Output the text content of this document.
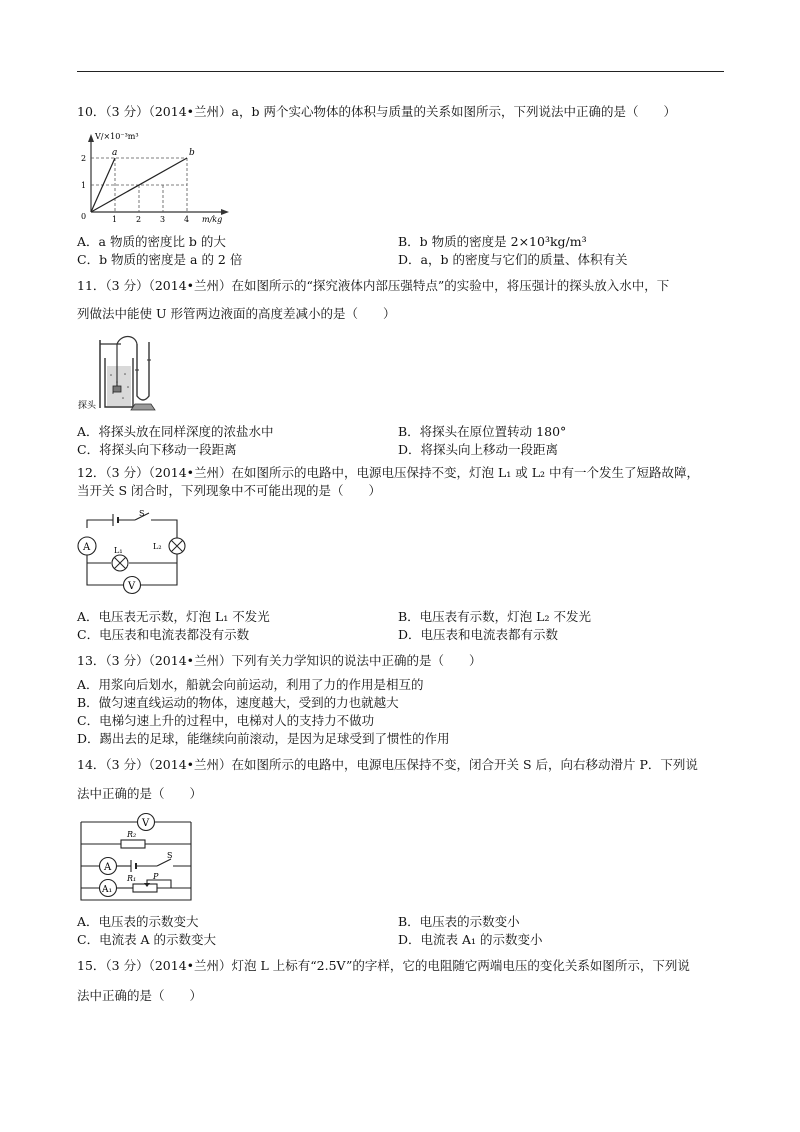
10．（3 分）（2014•兰州）a，b 两个实心物体的体积与质量的关系如图所示，下列说法中正确的是（　　）
V/×10⁻³m³
a	b
2
1
0	1 2 3 4 m/kg
A．a 物质的密度比 b 的大	B．b 物质的密度是 2×10³kg/m³
C．b 物质的密度是 a 的 2 倍	D．a，b 的密度与它们的质量、体积有关
11．（3 分）（2014•兰州）在如图所示的“探究液体内部压强特点”的实验中，将压强计的探头放入水中，下
列做法中能使 U 形管两边液面的高度差减小的是（　　）
探头
A．将探头放在同样深度的浓盐水中	B．将探头在原位置转动 180°
C．将探头向下移动一段距离	D．将探头向上移动一段距离
12．（3 分）（2014•兰州）在如图所示的电路中，电源电压保持不变，灯泡 L₁ 或 L₂ 中有一个发生了短路故障，
当开关 S 闭合时，下列现象中不可能出现的是（　　）
A	L₁	L₂
V
S
A．电压表无示数，灯泡 L₁ 不发光	B．电压表有示数，灯泡 L₂ 不发光
C．电压表和电流表都没有示数	D．电压表和电流表都有示数
13．（3 分）（2014•兰州）下列有关力学知识的说法中正确的是（　　）
A．用浆向后划水，船就会向前运动，利用了力的作用是相互的
B．做匀速直线运动的物体，速度越大，受到的力也就越大
C．电梯匀速上升的过程中，电梯对人的支持力不做功
D．踢出去的足球，能继续向前滚动，是因为足球受到了惯性的作用
14．（3 分）（2014•兰州）在如图所示的电路中，电源电压保持不变，闭合开关 S 后，向右移动滑片 P．下列说
法中正确的是（　　）
V
R₂
A
S
A₁
R₁ P
A．电压表的示数变大	B．电压表的示数变小
C．电流表 A 的示数变大	D．电流表 A₁ 的示数变小
15．（3 分）（2014•兰州）灯泡 L 上标有“2.5V”的字样，它的电阻随它两端电压的变化关系如图所示，下列说
法中正确的是（　　）
